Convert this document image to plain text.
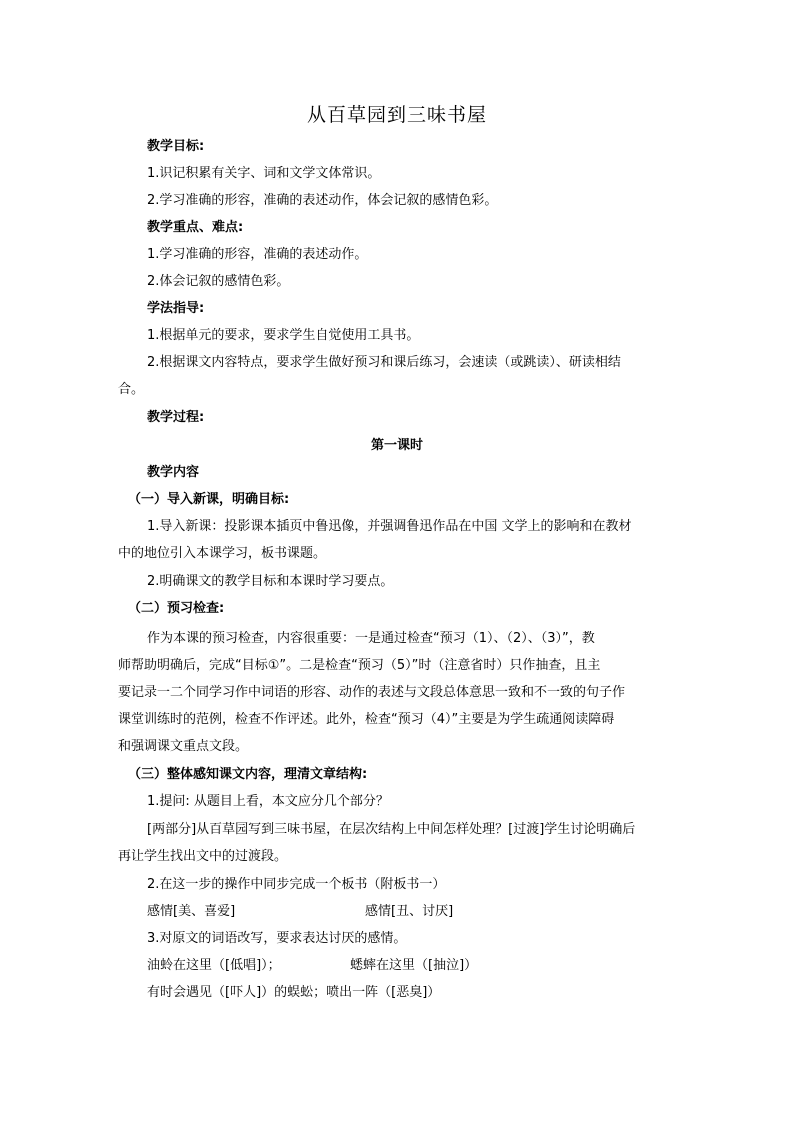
从百草园到三味书屋
教学目标:
1.识记积累有关字、词和文学文体常识。
2.学习准确的形容，准确的表述动作，体会记叙的感情色彩。
教学重点、难点:
1.学习准确的形容，准确的表述动作。
2.体会记叙的感情色彩。
学法指导:
1.根据单元的要求，要求学生自觉使用工具书。
2.根据课文内容特点，要求学生做好预习和课后练习，会速读（或跳读）、研读相结
合。
教学过程:
第一课时
教学内容
（一）导入新课，明确目标:
1.导入新课：投影课本插页中鲁迅像，并强调鲁迅作品在中国 文学上的影响和在教材
中的地位引入本课学习，板书课题。
2.明确课文的教学目标和本课时学习要点。
（二）预习检查:
作为本课的预习检查，内容很重要：一是通过检查“预习（1）、（2）、（3）”，教
师帮助明确后，完成“目标①”。二是检查“预习（5）”时（注意省时）只作抽查，且主
要记录一二个同学习作中词语的形容、动作的表述与文段总体意思一致和不一致的句子作
课堂训练时的范例，检查不作评述。此外，检查“预习（4）”主要是为学生疏通阅读障碍
和强调课文重点文段。
（三）整体感知课文内容，理清文章结构:
1.提问: 从题目上看，本文应分几个部分？
[两部分]从百草园写到三味书屋，在层次结构上中间怎样处理？[过渡]学生讨论明确后
再让学生找出文中的过渡段。
2.在这一步的操作中同步完成一个板书（附板书一）
感情[美、喜爱]	感情[丑、讨厌]
3.对原文的词语改写，要求表达讨厌的感情。
油蛉在这里（[低唱]）；	蟋蟀在这里（[抽泣]）
有时会遇见（[吓人]）的蜈蚣；喷出一阵（[恶臭]）
